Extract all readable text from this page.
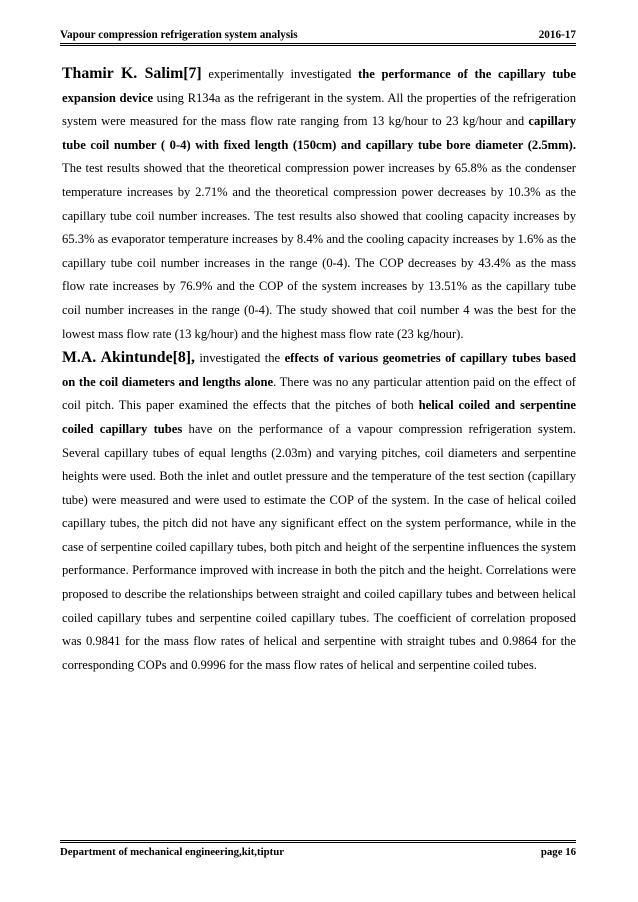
Vapour compression refrigeration system analysis	2016-17

Thamir K. Salim[7] experimentally investigated the performance of the capillary tube expansion device using R134a as the refrigerant in the system. All the properties of the refrigeration system were measured for the mass flow rate ranging from 13 kg/hour to 23 kg/hour and capillary tube coil number ( 0-4) with fixed length (150cm) and capillary tube bore diameter (2.5mm). The test results showed that the theoretical compression power increases by 65.8% as the condenser temperature increases by 2.71% and the theoretical compression power decreases by 10.3% as the capillary tube coil number increases. The test results also showed that cooling capacity increases by 65.3% as evaporator temperature increases by 8.4% and the cooling capacity increases by 1.6% as the capillary tube coil number increases in the range (0-4). The COP decreases by 43.4% as the mass flow rate increases by 76.9% and the COP of the system increases by 13.51% as the capillary tube coil number increases in the range (0-4). The study showed that coil number 4 was the best for the lowest mass flow rate (13 kg/hour) and the highest mass flow rate (23 kg/hour).

M.A. Akintunde[8], investigated the effects of various geometries of capillary tubes based on the coil diameters and lengths alone. There was no any particular attention paid on the effect of coil pitch. This paper examined the effects that the pitches of both helical coiled and serpentine coiled capillary tubes have on the performance of a vapour compression refrigeration system. Several capillary tubes of equal lengths (2.03m) and varying pitches, coil diameters and serpentine heights were used. Both the inlet and outlet pressure and the temperature of the test section (capillary tube) were measured and were used to estimate the COP of the system. In the case of helical coiled capillary tubes, the pitch did not have any significant effect on the system performance, while in the case of serpentine coiled capillary tubes, both pitch and height of the serpentine influences the system performance. Performance improved with increase in both the pitch and the height. Correlations were proposed to describe the relationships between straight and coiled capillary tubes and between helical coiled capillary tubes and serpentine coiled capillary tubes. The coefficient of correlation proposed was 0.9841 for the mass flow rates of helical and serpentine with straight tubes and 0.9864 for the corresponding COPs and 0.9996 for the mass flow rates of helical and serpentine coiled tubes.

Department of mechanical engineering,kit,tiptur	page 16
